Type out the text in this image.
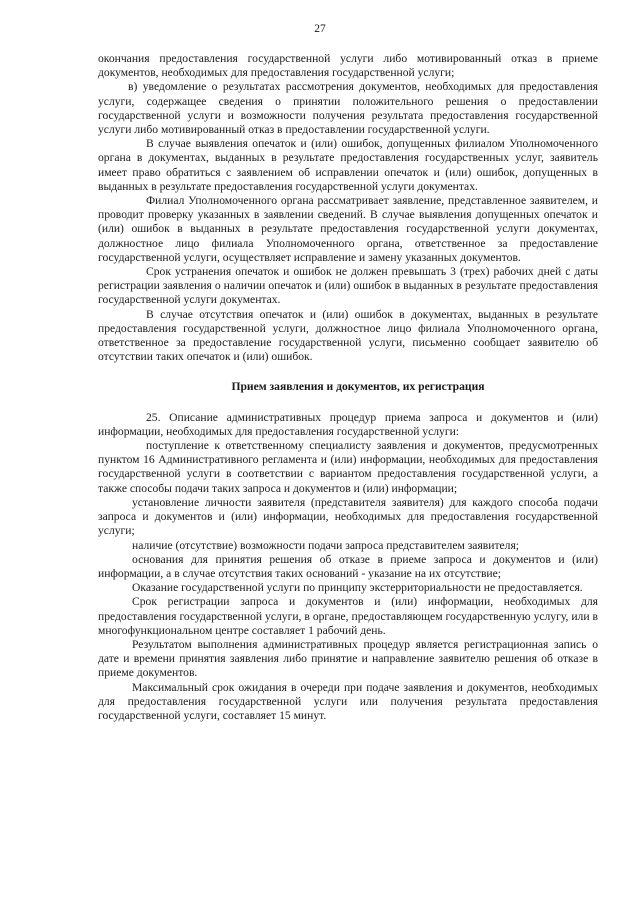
27

окончания предоставления государственной услуги либо мотивированный отказ в приеме документов, необходимых для предоставления государственной услуги;

в) уведомление о результатах рассмотрения документов, необходимых для предоставления услуги, содержащее сведения о принятии положительного решения о предоставлении государственной услуги и возможности получения результата предоставления государственной услуги либо мотивированный отказ в предоставлении государственной услуги.

В случае выявления опечаток и (или) ошибок, допущенных филиалом Уполномоченного органа в документах, выданных в результате предоставления государственных услуг, заявитель имеет право обратиться с заявлением об исправлении опечаток и (или) ошибок, допущенных в выданных в результате предоставления государственной услуги документах.

Филиал Уполномоченного органа рассматривает заявление, представленное заявителем, и проводит проверку указанных в заявлении сведений. В случае выявления допущенных опечаток и (или) ошибок в выданных в результате предоставления государственной услуги документах, должностное лицо филиала Уполномоченного органа, ответственное за предоставление государственной услуги, осуществляет исправление и замену указанных документов.

Срок устранения опечаток и ошибок не должен превышать 3 (трех) рабочих дней с даты регистрации заявления о наличии опечаток и (или) ошибок в выданных в результате предоставления государственной услуги документах.

В случае отсутствия опечаток и (или) ошибок в документах, выданных в результате предоставления государственной услуги, должностное лицо филиала Уполномоченного органа, ответственное за предоставление государственной услуги, письменно сообщает заявителю об отсутствии таких опечаток и (или) ошибок.

Прием заявления и документов, их регистрация

25. Описание административных процедур приема запроса и документов и (или) информации, необходимых для предоставления государственной услуги:

поступление к ответственному специалисту заявления и документов, предусмотренных пунктом 16 Административного регламента и (или) информации, необходимых для предоставления государственной услуги в соответствии с вариантом предоставления государственной услуги, а также способы подачи таких запроса и документов и (или) информации;

установление личности заявителя (представителя заявителя) для каждого способа подачи запроса и документов и (или) информации, необходимых для предоставления государственной услуги;

наличие (отсутствие) возможности подачи запроса представителем заявителя;

основания для принятия решения об отказе в приеме запроса и документов и (или) информации, а в случае отсутствия таких оснований - указание на их отсутствие;

Оказание государственной услуги по принципу экстерриториальности не предоставляется.

Срок регистрации запроса и документов и (или) информации, необходимых для предоставления государственной услуги, в органе, предоставляющем государственную услугу, или в многофункциональном центре составляет 1 рабочий день.

Результатом выполнения административных процедур является регистрационная запись о дате и времени принятия заявления либо принятие и направление заявителю решения об отказе в приеме документов.

Максимальный срок ожидания в очереди при подаче заявления и документов, необходимых для предоставления государственной услуги или получения результата предоставления государственной услуги, составляет 15 минут.
